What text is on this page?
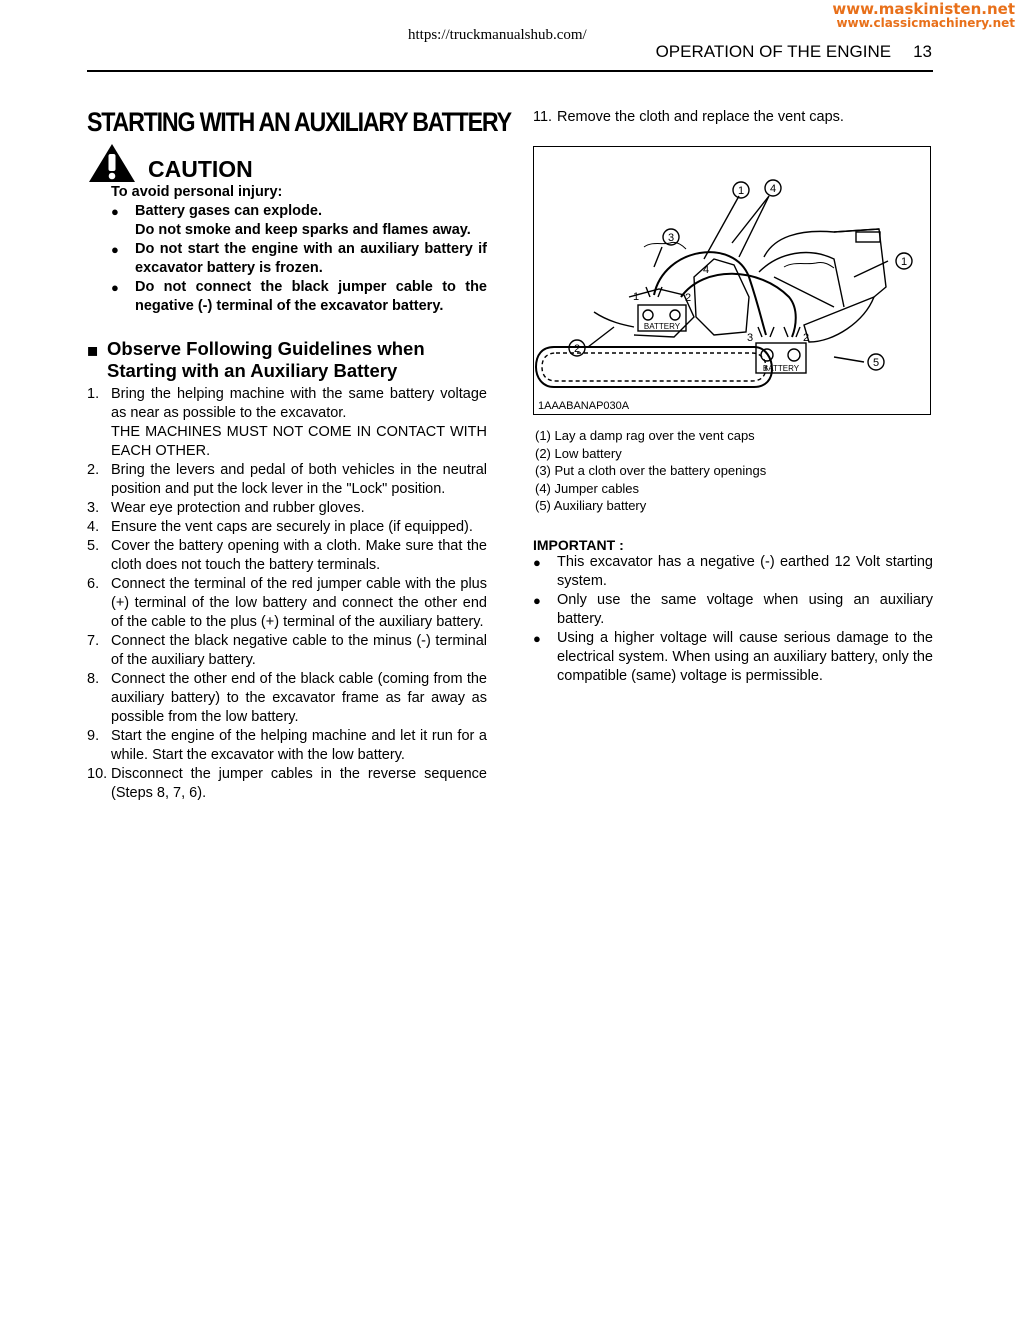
www.maskinisten.net
www.classicmachinery.net
https://truckmanualshub.com/
OPERATION OF THE ENGINE 13
STARTING WITH AN AUXILIARY BATTERY
CAUTION
To avoid personal injury:
● Battery gases can explode.
Do not smoke and keep sparks and flames away.
● Do not start the engine with an auxiliary battery if excavator battery is frozen.
● Do not connect the black jumper cable to the negative (-) terminal of the excavator battery.
■ Observe Following Guidelines when Starting with an Auxiliary Battery
1. Bring the helping machine with the same battery voltage as near as possible to the excavator.
THE MACHINES MUST NOT COME IN CONTACT WITH EACH OTHER.
2. Bring the levers and pedal of both vehicles in the neutral position and put the lock lever in the "Lock" position.
3. Wear eye protection and rubber gloves.
4. Ensure the vent caps are securely in place (if equipped).
5. Cover the battery opening with a cloth. Make sure that the cloth does not touch the battery terminals.
6. Connect the terminal of the red jumper cable with the plus (+) terminal of the low battery and connect the other end of the cable to the plus (+) terminal of the auxiliary battery.
7. Connect the black negative cable to the minus (-) terminal of the auxiliary battery.
8. Connect the other end of the black cable (coming from the auxiliary battery) to the excavator frame as far away as possible from the low battery.
9. Start the engine of the helping machine and let it run for a while. Start the excavator with the low battery.
10. Disconnect the jumper cables in the reverse sequence (Steps 8, 7, 6).
11. Remove the cloth and replace the vent caps.
1 4
3
1
2
5
4
1	2
3	2
BATTERY
BATTERY
1AAABANAP030A
(1) Lay a damp rag over the vent caps
(2) Low battery
(3) Put a cloth over the battery openings
(4) Jumper cables
(5) Auxiliary battery
IMPORTANT :
● This excavator has a negative (-) earthed 12 Volt starting system.
● Only use the same voltage when using an auxiliary battery.
● Using a higher voltage will cause serious damage to the electrical system. When using an auxiliary battery, only the compatible (same) voltage is permissible.
